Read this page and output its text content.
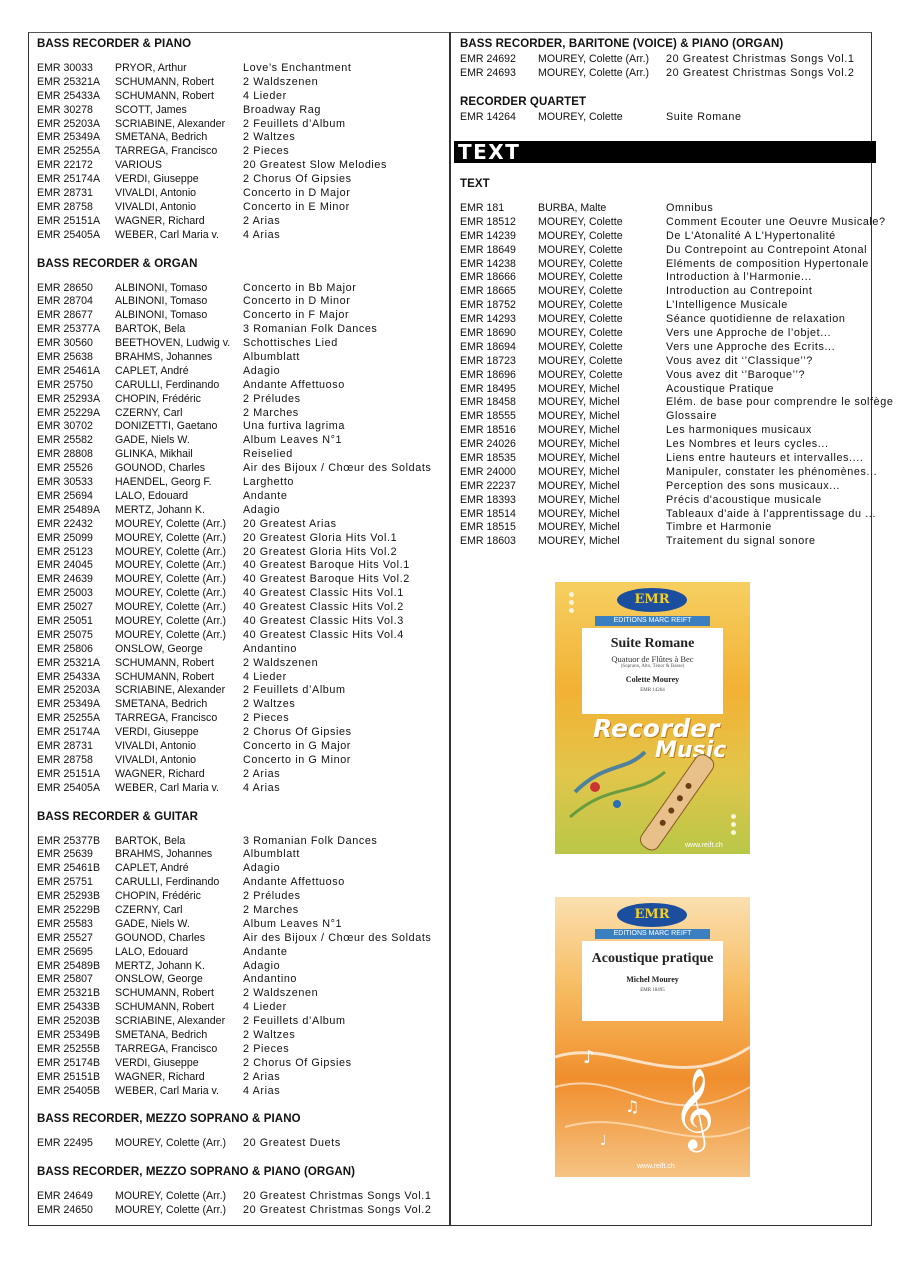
BASS RECORDER & PIANO
EMR 30033	PRYOR, Arthur	Love’s Enchantment
EMR 25321A	SCHUMANN, Robert	2 Waldszenen
EMR 25433A	SCHUMANN, Robert	4 Lieder
EMR 30278	SCOTT, James	Broadway Rag
EMR 25203A	SCRIABINE, Alexander	2 Feuillets d’Album
EMR 25349A	SMETANA, Bedrich	2 Waltzes
EMR 25255A	TARREGA, Francisco	2 Pieces
EMR 22172	VARIOUS	20 Greatest Slow Melodies
EMR 25174A	VERDI, Giuseppe	2 Chorus Of Gipsies
EMR 28731	VIVALDI, Antonio	Concerto in D Major
EMR 28758	VIVALDI, Antonio	Concerto in E Minor
EMR 25151A	WAGNER, Richard	2 Arias
EMR 25405A	WEBER, Carl Maria v.	4 Arias
BASS RECORDER & ORGAN
EMR 28650	ALBINONI, Tomaso	Concerto in Bb Major
EMR 28704	ALBINONI, Tomaso	Concerto in D Minor
EMR 28677	ALBINONI, Tomaso	Concerto in F Major
EMR 25377A	BARTOK, Bela	3 Romanian Folk Dances
EMR 30560	BEETHOVEN, Ludwig v.	Schottisches Lied
EMR 25638	BRAHMS, Johannes	Albumblatt
EMR 25461A	CAPLET, André	Adagio
EMR 25750	CARULLI, Ferdinando	Andante Affettuoso
EMR 25293A	CHOPIN, Frédéric	2 Préludes
EMR 25229A	CZERNY, Carl	2 Marches
EMR 30702	DONIZETTI, Gaetano	Una furtiva lagrima
EMR 25582	GADE, Niels W.	Album Leaves N°1
EMR 28808	GLINKA, Mikhail	Reiselied
EMR 25526	GOUNOD, Charles	Air des Bijoux / Chœur des Soldats
EMR 30533	HAENDEL, Georg F.	Larghetto
EMR 25694	LALO, Edouard	Andante
EMR 25489A	MERTZ, Johann K.	Adagio
EMR 22432	MOUREY, Colette (Arr.)	20 Greatest Arias
EMR 25099	MOUREY, Colette (Arr.)	20 Greatest Gloria Hits Vol.1
EMR 25123	MOUREY, Colette (Arr.)	20 Greatest Gloria Hits Vol.2
EMR 24045	MOUREY, Colette (Arr.)	40 Greatest Baroque Hits Vol.1
EMR 24639	MOUREY, Colette (Arr.)	40 Greatest Baroque Hits Vol.2
EMR 25003	MOUREY, Colette (Arr.)	40 Greatest Classic Hits Vol.1
EMR 25027	MOUREY, Colette (Arr.)	40 Greatest Classic Hits Vol.2
EMR 25051	MOUREY, Colette (Arr.)	40 Greatest Classic Hits Vol.3
EMR 25075	MOUREY, Colette (Arr.)	40 Greatest Classic Hits Vol.4
EMR 25806	ONSLOW, George	Andantino
EMR 25321A	SCHUMANN, Robert	2 Waldszenen
EMR 25433A	SCHUMANN, Robert	4 Lieder
EMR 25203A	SCRIABINE, Alexander	2 Feuillets d’Album
EMR 25349A	SMETANA, Bedrich	2 Waltzes
EMR 25255A	TARREGA, Francisco	2 Pieces
EMR 25174A	VERDI, Giuseppe	2 Chorus Of Gipsies
EMR 28731	VIVALDI, Antonio	Concerto in G Major
EMR 28758	VIVALDI, Antonio	Concerto in G Minor
EMR 25151A	WAGNER, Richard	2 Arias
EMR 25405A	WEBER, Carl Maria v.	4 Arias
BASS RECORDER & GUITAR
EMR 25377B	BARTOK, Bela	3 Romanian Folk Dances
EMR 25639	BRAHMS, Johannes	Albumblatt
EMR 25461B	CAPLET, André	Adagio
EMR 25751	CARULLI, Ferdinando	Andante Affettuoso
EMR 25293B	CHOPIN, Frédéric	2 Préludes
EMR 25229B	CZERNY, Carl	2 Marches
EMR 25583	GADE, Niels W.	Album Leaves N°1
EMR 25527	GOUNOD, Charles	Air des Bijoux / Chœur des Soldats
EMR 25695	LALO, Edouard	Andante
EMR 25489B	MERTZ, Johann K.	Adagio
EMR 25807	ONSLOW, George	Andantino
EMR 25321B	SCHUMANN, Robert	2 Waldszenen
EMR 25433B	SCHUMANN, Robert	4 Lieder
EMR 25203B	SCRIABINE, Alexander	2 Feuillets d’Album
EMR 25349B	SMETANA, Bedrich	2 Waltzes
EMR 25255B	TARREGA, Francisco	2 Pieces
EMR 25174B	VERDI, Giuseppe	2 Chorus Of Gipsies
EMR 25151B	WAGNER, Richard	2 Arias
EMR 25405B	WEBER, Carl Maria v.	4 Arias
BASS RECORDER, MEZZO SOPRANO & PIANO
EMR 22495	MOUREY, Colette (Arr.)	20 Greatest Duets
BASS RECORDER, MEZZO SOPRANO & PIANO (ORGAN)
EMR 24649	MOUREY, Colette (Arr.)	20 Greatest Christmas Songs Vol.1
EMR 24650	MOUREY, Colette (Arr.)	20 Greatest Christmas Songs Vol.2
BASS RECORDER, BARITONE (VOICE) & PIANO (ORGAN)
EMR 24692	MOUREY, Colette (Arr.)	20 Greatest Christmas Songs Vol.1
EMR 24693	MOUREY, Colette (Arr.)	20 Greatest Christmas Songs Vol.2
RECORDER QUARTET
EMR 14264	MOUREY, Colette	Suite Romane
TEXT
EMR 181	BURBA, Malte	Omnibus
EMR 18512	MOUREY, Colette	Comment Ecouter une Oeuvre Musicale?
EMR 14239	MOUREY, Colette	De L'Atonalité A L'Hypertonalité
EMR 18649	MOUREY, Colette	Du Contrepoint au Contrepoint Atonal
EMR 14238	MOUREY, Colette	Eléments de composition Hypertonale
EMR 18666	MOUREY, Colette	Introduction à l’Harmonie...
EMR 18665	MOUREY, Colette	Introduction au Contrepoint
EMR 18752	MOUREY, Colette	L’Intelligence Musicale
EMR 14293	MOUREY, Colette	Séance quotidienne de relaxation
EMR 18690	MOUREY, Colette	Vers une Approche de l’objet...
EMR 18694	MOUREY, Colette	Vers une Approche des Ecrits...
EMR 18723	MOUREY, Colette	Vous avez dit ‘’Classique’’?
EMR 18696	MOUREY, Colette	Vous avez dit ‘’Baroque’’?
EMR 18495	MOUREY, Michel	Acoustique Pratique
EMR 18458	MOUREY, Michel	Elém. de base pour comprendre le solfège
EMR 18555	MOUREY, Michel	Glossaire
EMR 18516	MOUREY, Michel	Les harmoniques musicaux
EMR 24026	MOUREY, Michel	Les Nombres et leurs cycles...
EMR 18535	MOUREY, Michel	Liens entre hauteurs et intervalles....
EMR 24000	MOUREY, Michel	Manipuler, constater les phénomènes...
EMR 22237	MOUREY, Michel	Perception des sons musicaux...
EMR 18393	MOUREY, Michel	Précis d'acoustique musicale
EMR 18514	MOUREY, Michel	Tableaux d'aide à l'apprentissage du ...
EMR 18515	MOUREY, Michel	Timbre et Harmonie
EMR 18603	MOUREY, Michel	Traitement du signal sonore
TEXT
EMR
EDITIONS MARC REIFT
Suite Romane
Quatuor de Flûtes à Bec
(Soprano, Alto, Ténor & Basse)
Colette Mourey
EMR 14264
Recorder
Music
www.reift.ch
EMR
EDITIONS MARC REIFT
Acoustique pratique
Michel Mourey
EMR 18495
𝄞
♪
♫
♩
www.reift.ch
